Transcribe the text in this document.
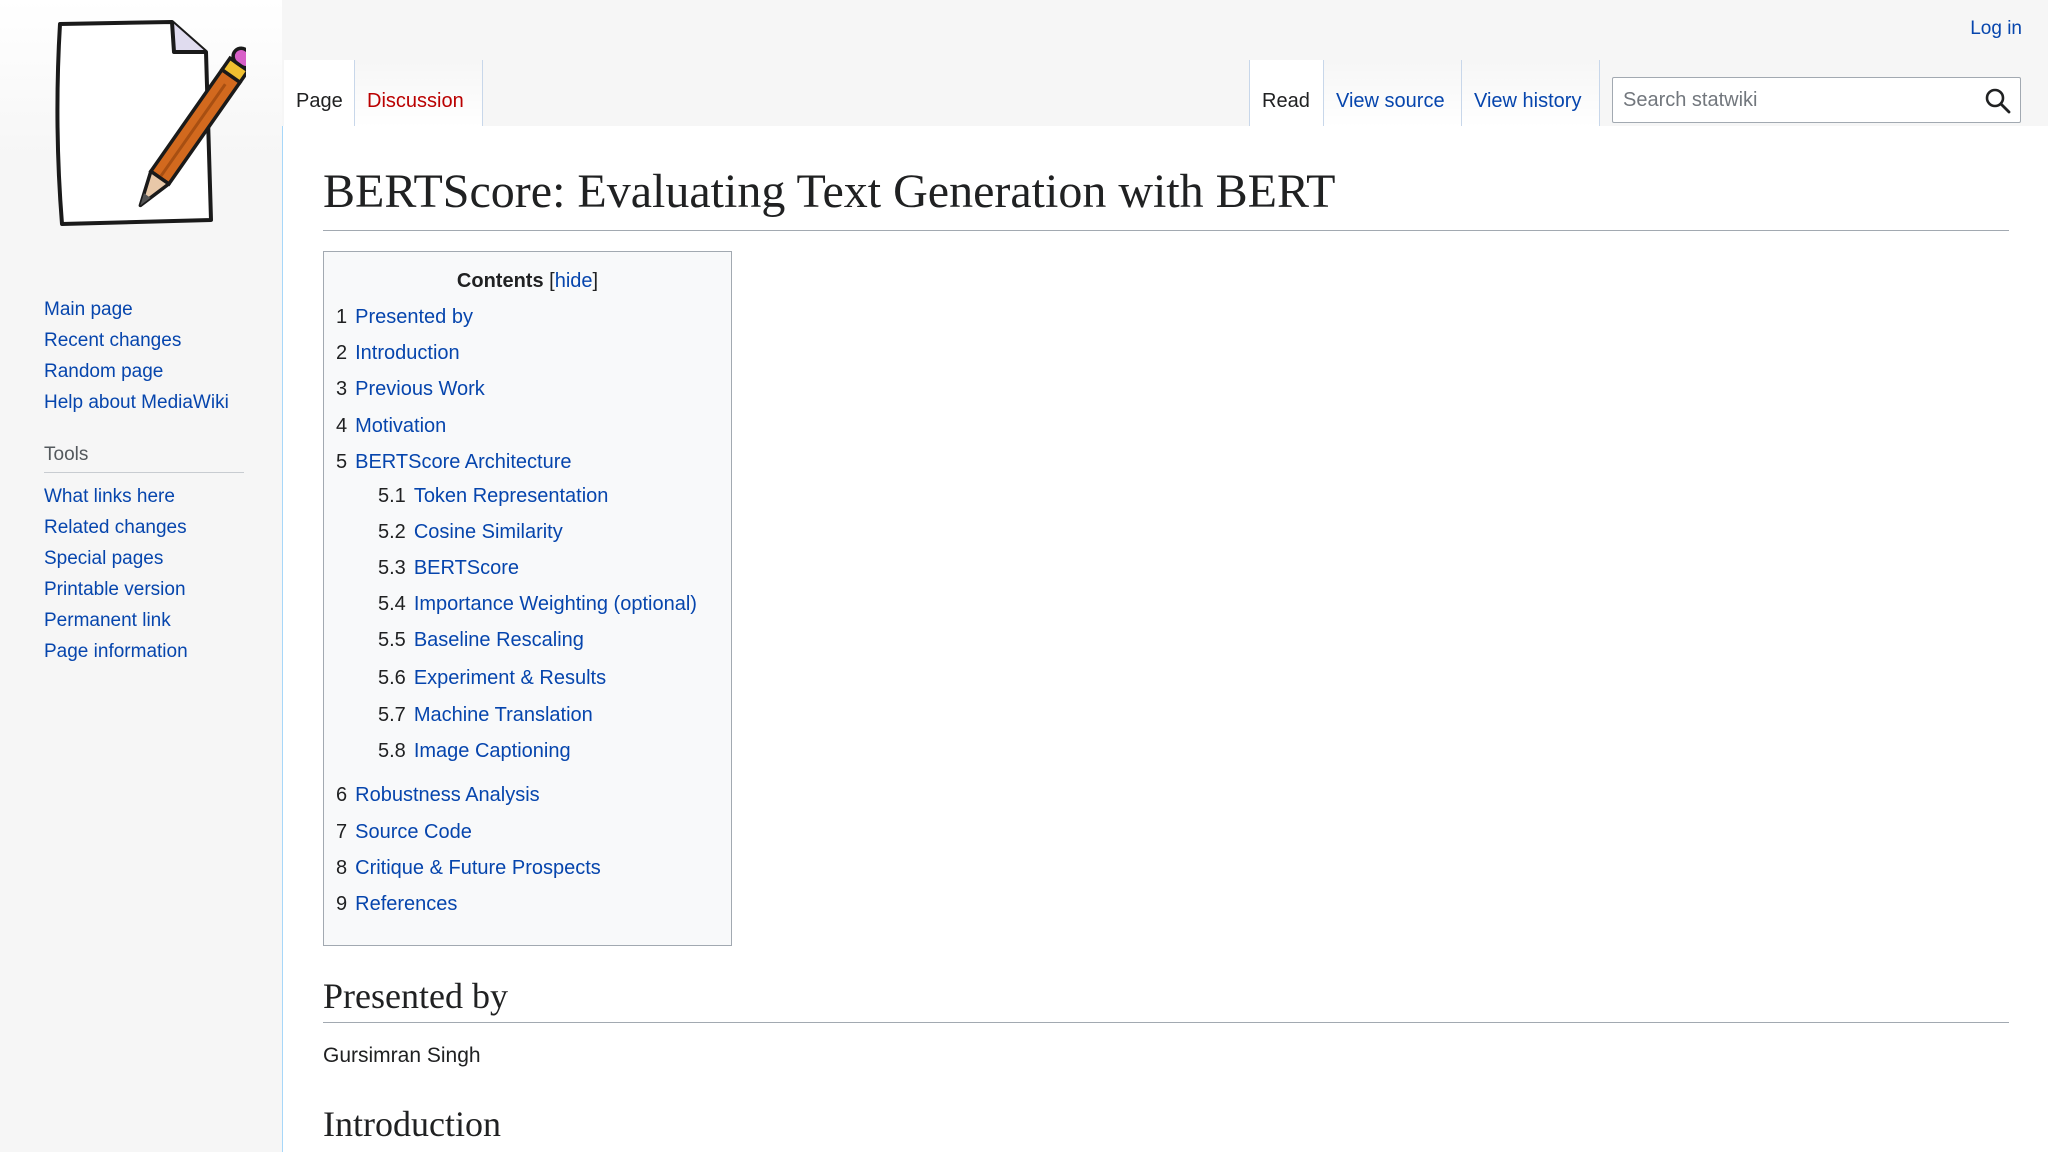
Main page
Recent changes
Random page
Help about MediaWiki
Tools
What links here
Related changes
Special pages
Printable version
Permanent link
Page information
Log in
Page	Discussion	Read	View source	View history
Search statwiki
BERTScore: Evaluating Text Generation with BERT
Contents [hide]
1 Presented by
2 Introduction
3 Previous Work
4 Motivation
5 BERTScore Architecture
5.1 Token Representation
5.2 Cosine Similarity
5.3 BERTScore
5.4 Importance Weighting (optional)
5.5 Baseline Rescaling
5.6 Experiment & Results
5.7 Machine Translation
5.8 Image Captioning
6 Robustness Analysis
7 Source Code
8 Critique & Future Prospects
9 References
Presented by

Gursimran Singh

Introduction
